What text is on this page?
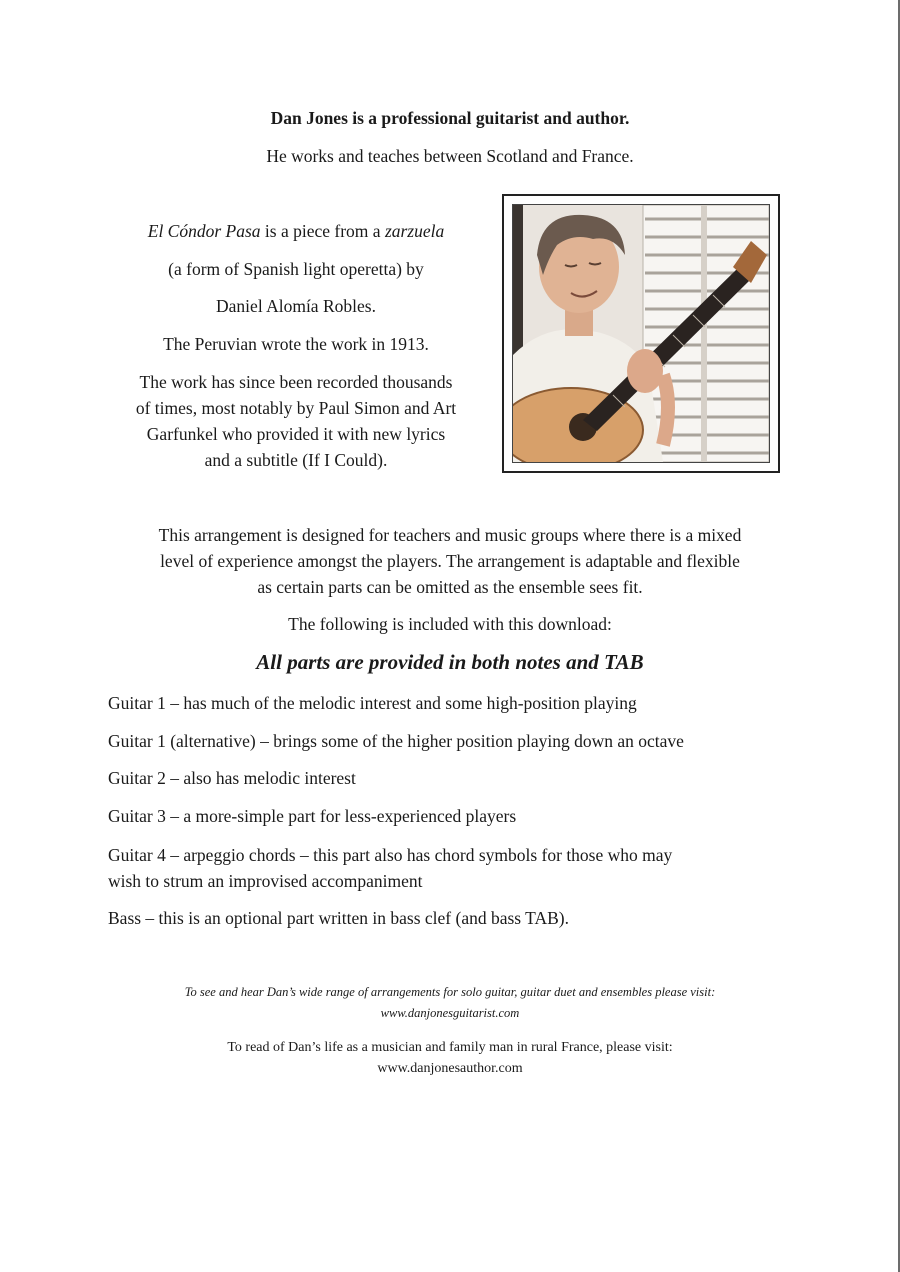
Dan Jones is a professional guitarist and author.
He works and teaches between Scotland and France.

El Cóndor Pasa is a piece from a zarzuela

(a form of Spanish light operetta) by

Daniel Alomía Robles.

The Peruvian wrote the work in 1913.

The work has since been recorded thousands

of times, most notably by Paul Simon and Art

Garfunkel who provided it with new lyrics

and a subtitle (If I Could).

This arrangement is designed for teachers and music groups where there is a mixed
level of experience amongst the players. The arrangement is adaptable and flexible
as certain parts can be omitted as the ensemble sees fit.
The following is included with this download:
All parts are provided in both notes and TAB
Guitar 1 – has much of the melodic interest and some high-position playing
Guitar 1 (alternative) – brings some of the higher position playing down an octave
Guitar 2 – also has melodic interest
Guitar 3 – a more-simple part for less-experienced players
Guitar 4 – arpeggio chords – this part also has chord symbols for those who may
wish to strum an improvised accompaniment
Bass – this is an optional part written in bass clef (and bass TAB).
To see and hear Dan’s wide range of arrangements for solo guitar, guitar duet and ensembles please visit:
www.danjonesguitarist.com
To read of Dan’s life as a musician and family man in rural France, please visit:
www.danjonesauthor.com
